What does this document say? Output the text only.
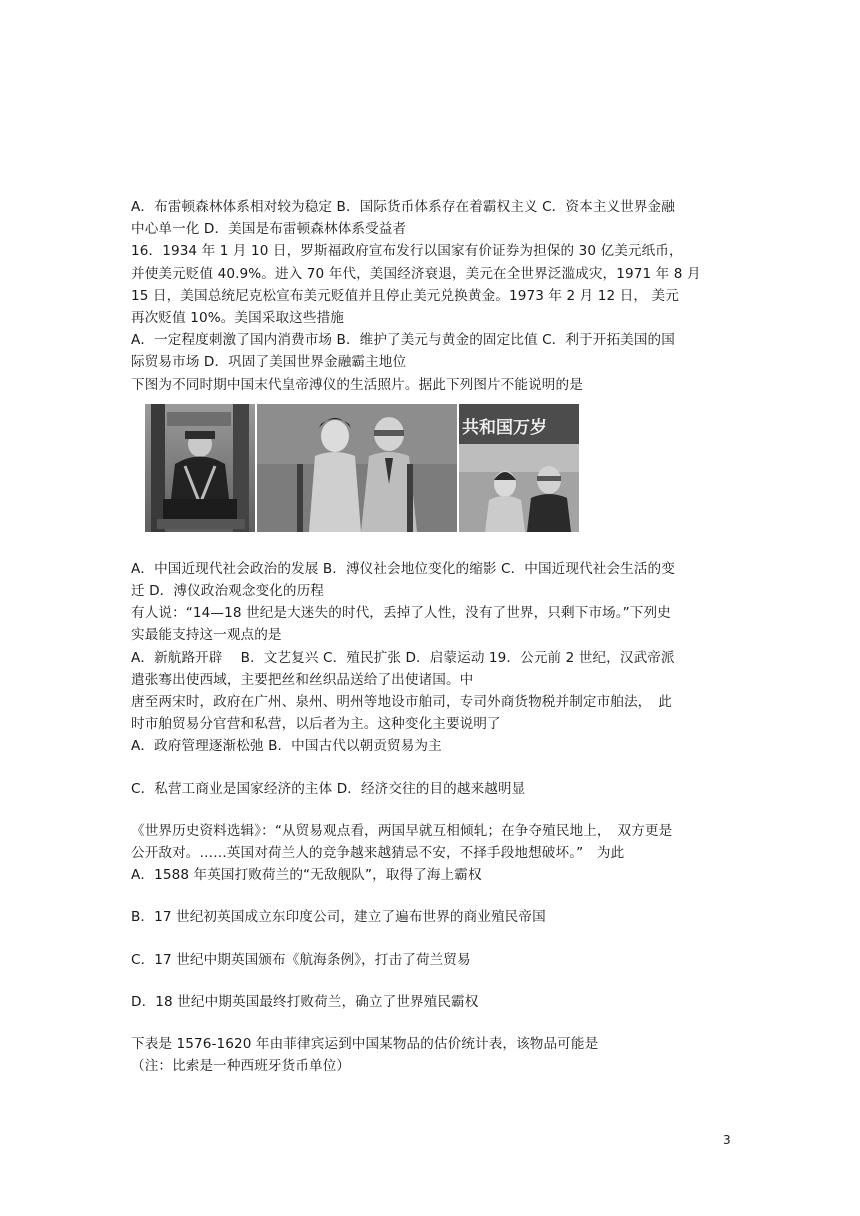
A．布雷顿森林体系相对较为稳定 B．国际货币体系存在着霸权主义 C．资本主义世界金融
中心单一化 D．美国是布雷顿森林体系受益者
16．1934 年 1 月 10 日，罗斯福政府宣布发行以国家有价证券为担保的 30 亿美元纸币，
并使美元贬值 40.9%。进入 70 年代，美国经济衰退，美元在全世界泛滥成灾，1971 年 8 月
15 日，美国总统尼克松宣布美元贬值并且停止美元兑换黄金。1973 年 2 月 12 日， 美元
再次贬值 10%。美国采取这些措施
A．一定程度刺激了国内消费市场 B．维护了美元与黄金的固定比值 C．利于开拓美国的国
际贸易市场 D．巩固了美国世界金融霸主地位
下图为不同时期中国末代皇帝溥仪的生活照片。据此下列图片不能说明的是
共和国万岁
A．中国近现代社会政治的发展 B．溥仪社会地位变化的缩影 C．中国近现代社会生活的变
迁 D．溥仪政治观念变化的历程
有人说：“14—18 世纪是大迷失的时代，丢掉了人性，没有了世界，只剩下市场。”下列史
实最能支持这一观点的是
A．新航路开辟　 B．文艺复兴 C．殖民扩张 D．启蒙运动 19．公元前 2 世纪，汉武帝派
遣张骞出使西域，主要把丝和丝织品送给了出使诸国。中
唐至两宋时，政府在广州、泉州、明州等地设市舶司，专司外商货物税并制定市舶法，　此
时市舶贸易分官营和私营，以后者为主。这种变化主要说明了
A．政府管理逐渐松弛 B．中国古代以朝贡贸易为主
C．私营工商业是国家经济的主体 D．经济交往的目的越来越明显
《世界历史资料选辑》：“从贸易观点看，两国早就互相倾轧；在争夺殖民地上，　双方更是
公开敌对。……英国对荷兰人的竞争越来越猜忌不安，不择手段地想破坏。”　为此
A．1588 年英国打败荷兰的“无敌舰队”，取得了海上霸权
B．17 世纪初英国成立东印度公司，建立了遍布世界的商业殖民帝国
C．17 世纪中期英国颁布《航海条例》，打击了荷兰贸易
D．18 世纪中期英国最终打败荷兰，确立了世界殖民霸权
下表是 1576-1620 年由菲律宾运到中国某物品的估价统计表，该物品可能是
（注：比索是一种西班牙货币单位）
3
